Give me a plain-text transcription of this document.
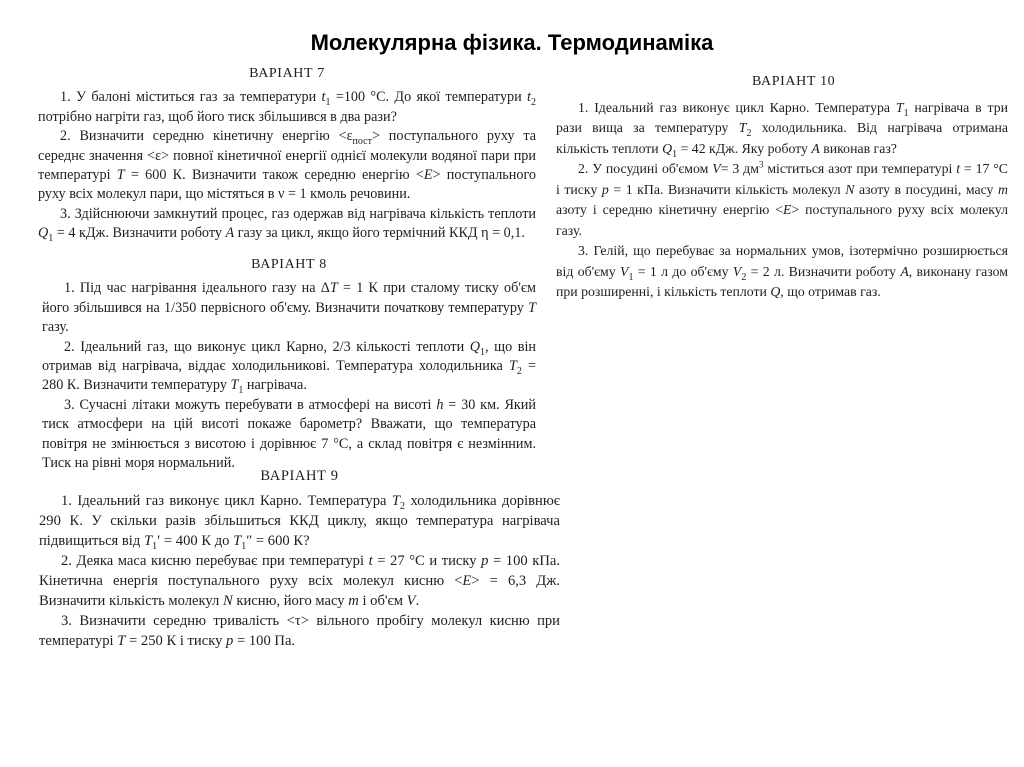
Молекулярна фізика. Термодинаміка
ВАРІАНТ 7

1. У балоні міститься газ за температури $t_1 =100$ °С. До якої температури $t_2$ потрібно нагріти газ, щоб його тиск збільшився в два рази?

2. Визначити середню кінетичну енергію $<\varepsilon_{пост}>$ поступального руху та середнє значення <ε> повної кінетичної енергії однієї молекули водяної пари при температурі Т = 600 К. Визначити також середню енергію <Е> поступального руху всіх молекул пари, що містяться в ν = 1 кмоль речовини.

3. Здійснюючи замкнутий процес, газ одержав від нагрівача кількість теплоти $Q_1 = 4$ кДж. Визначити роботу А газу за цикл, якщо його термічний ККД η = 0,1.

ВАРІАНТ 8

1. Під час нагрівання ідеального газу на ΔТ = 1 К при сталому тиску об'єм його збільшився на 1/350 первісного об'єму. Визначити початкову температуру Т газу.

2. Ідеальний газ, що виконує цикл Карно, 2/3 кількості теплоти $Q_1$, що він отримав від нагрівача, віддає холодильникові. Температура холодильника $Т_2 = 280$ К. Визначити температуру $Т_1$ нагрівача.

3. Сучасні літаки можуть перебувати в атмосфері на висоті h = 30 км. Який тиск атмосфери на цій висоті покаже барометр? Вважати, що температура повітря не змінюється з висотою і дорівнює 7 °С, а склад повітря є незмінним. Тиск на рівні моря нормальний.

ВАРІАНТ 9

1. Ідеальний газ виконує цикл Карно. Температура $Т_2$ холодильника дорівнює 290 К. У скільки разів збільшиться ККД циклу, якщо температура нагрівача підвищиться від $Т_1' = 400$ К до $Т_1'' = 600$ К?

2. Деяка маса кисню перебуває при температурі t = 27 °С и тиску р = 100 кПа. Кінетична енергія поступального руху всіх молекул кисню <Е> = 6,3 Дж. Визначити кількість молекул N кисню, його масу т і об'єм V.

3. Визначити середню тривалість <τ> вільного пробігу молекул кисню при температурі Т = 250 К і тиску р = 100 Па.

ВАРІАНТ 10

1. Ідеальний газ виконує цикл Карно. Температура $Т_1$ нагрівача в три рази вища за температуру $Т_2$ холодильника. Від нагрівача отримана кількість теплоти $Q_1 = 42$ кДж. Яку роботу А виконав газ?

2. У посудині об'ємом V= 3 $дм^3$ міститься азот при температурі t = 17 °С і тиску р = 1 кПа. Визначити кількість молекул N азоту в посудині, масу т азоту і середню кінетичну енергію <Е> поступального руху всіх молекул газу.

3. Гелій, що перебуває за нормальних умов, ізотермічно розширюється від об'єму $V_1 = 1$ л до об'єму $V_2 = 2$ л. Визначити роботу А, виконану газом при розширенні, і кількість теплоти Q, що отримав газ.
